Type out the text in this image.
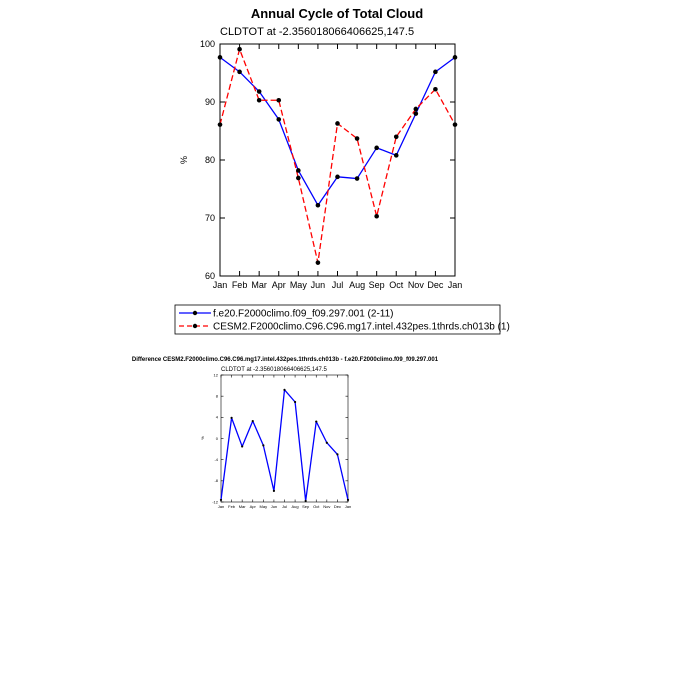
Annual Cycle of Total Cloud
CLDTOT at -2.356018066406625,147.5
60
70
80
90
100
Jan Feb Mar Apr May Jun Jul Aug Sep Oct Nov Dec Jan
%
f.e20.F2000climo.f09_f09.297.001 (2-11)
CESM2.F2000climo.C96.C96.mg17.intel.432pes.1thrds.ch013b (1)
Difference CESM2.F2000climo.C96.C96.mg17.intel.432pes.1thrds.ch013b - f.e20.F2000climo.f09_f09.297.001
CLDTOT at -2.356018066406625,147.5
-12
-8
-4
0
4
8
12
Jan Feb Mar Apr May Jun Jul Aug Sep Oct Nov Dec Jan
%
